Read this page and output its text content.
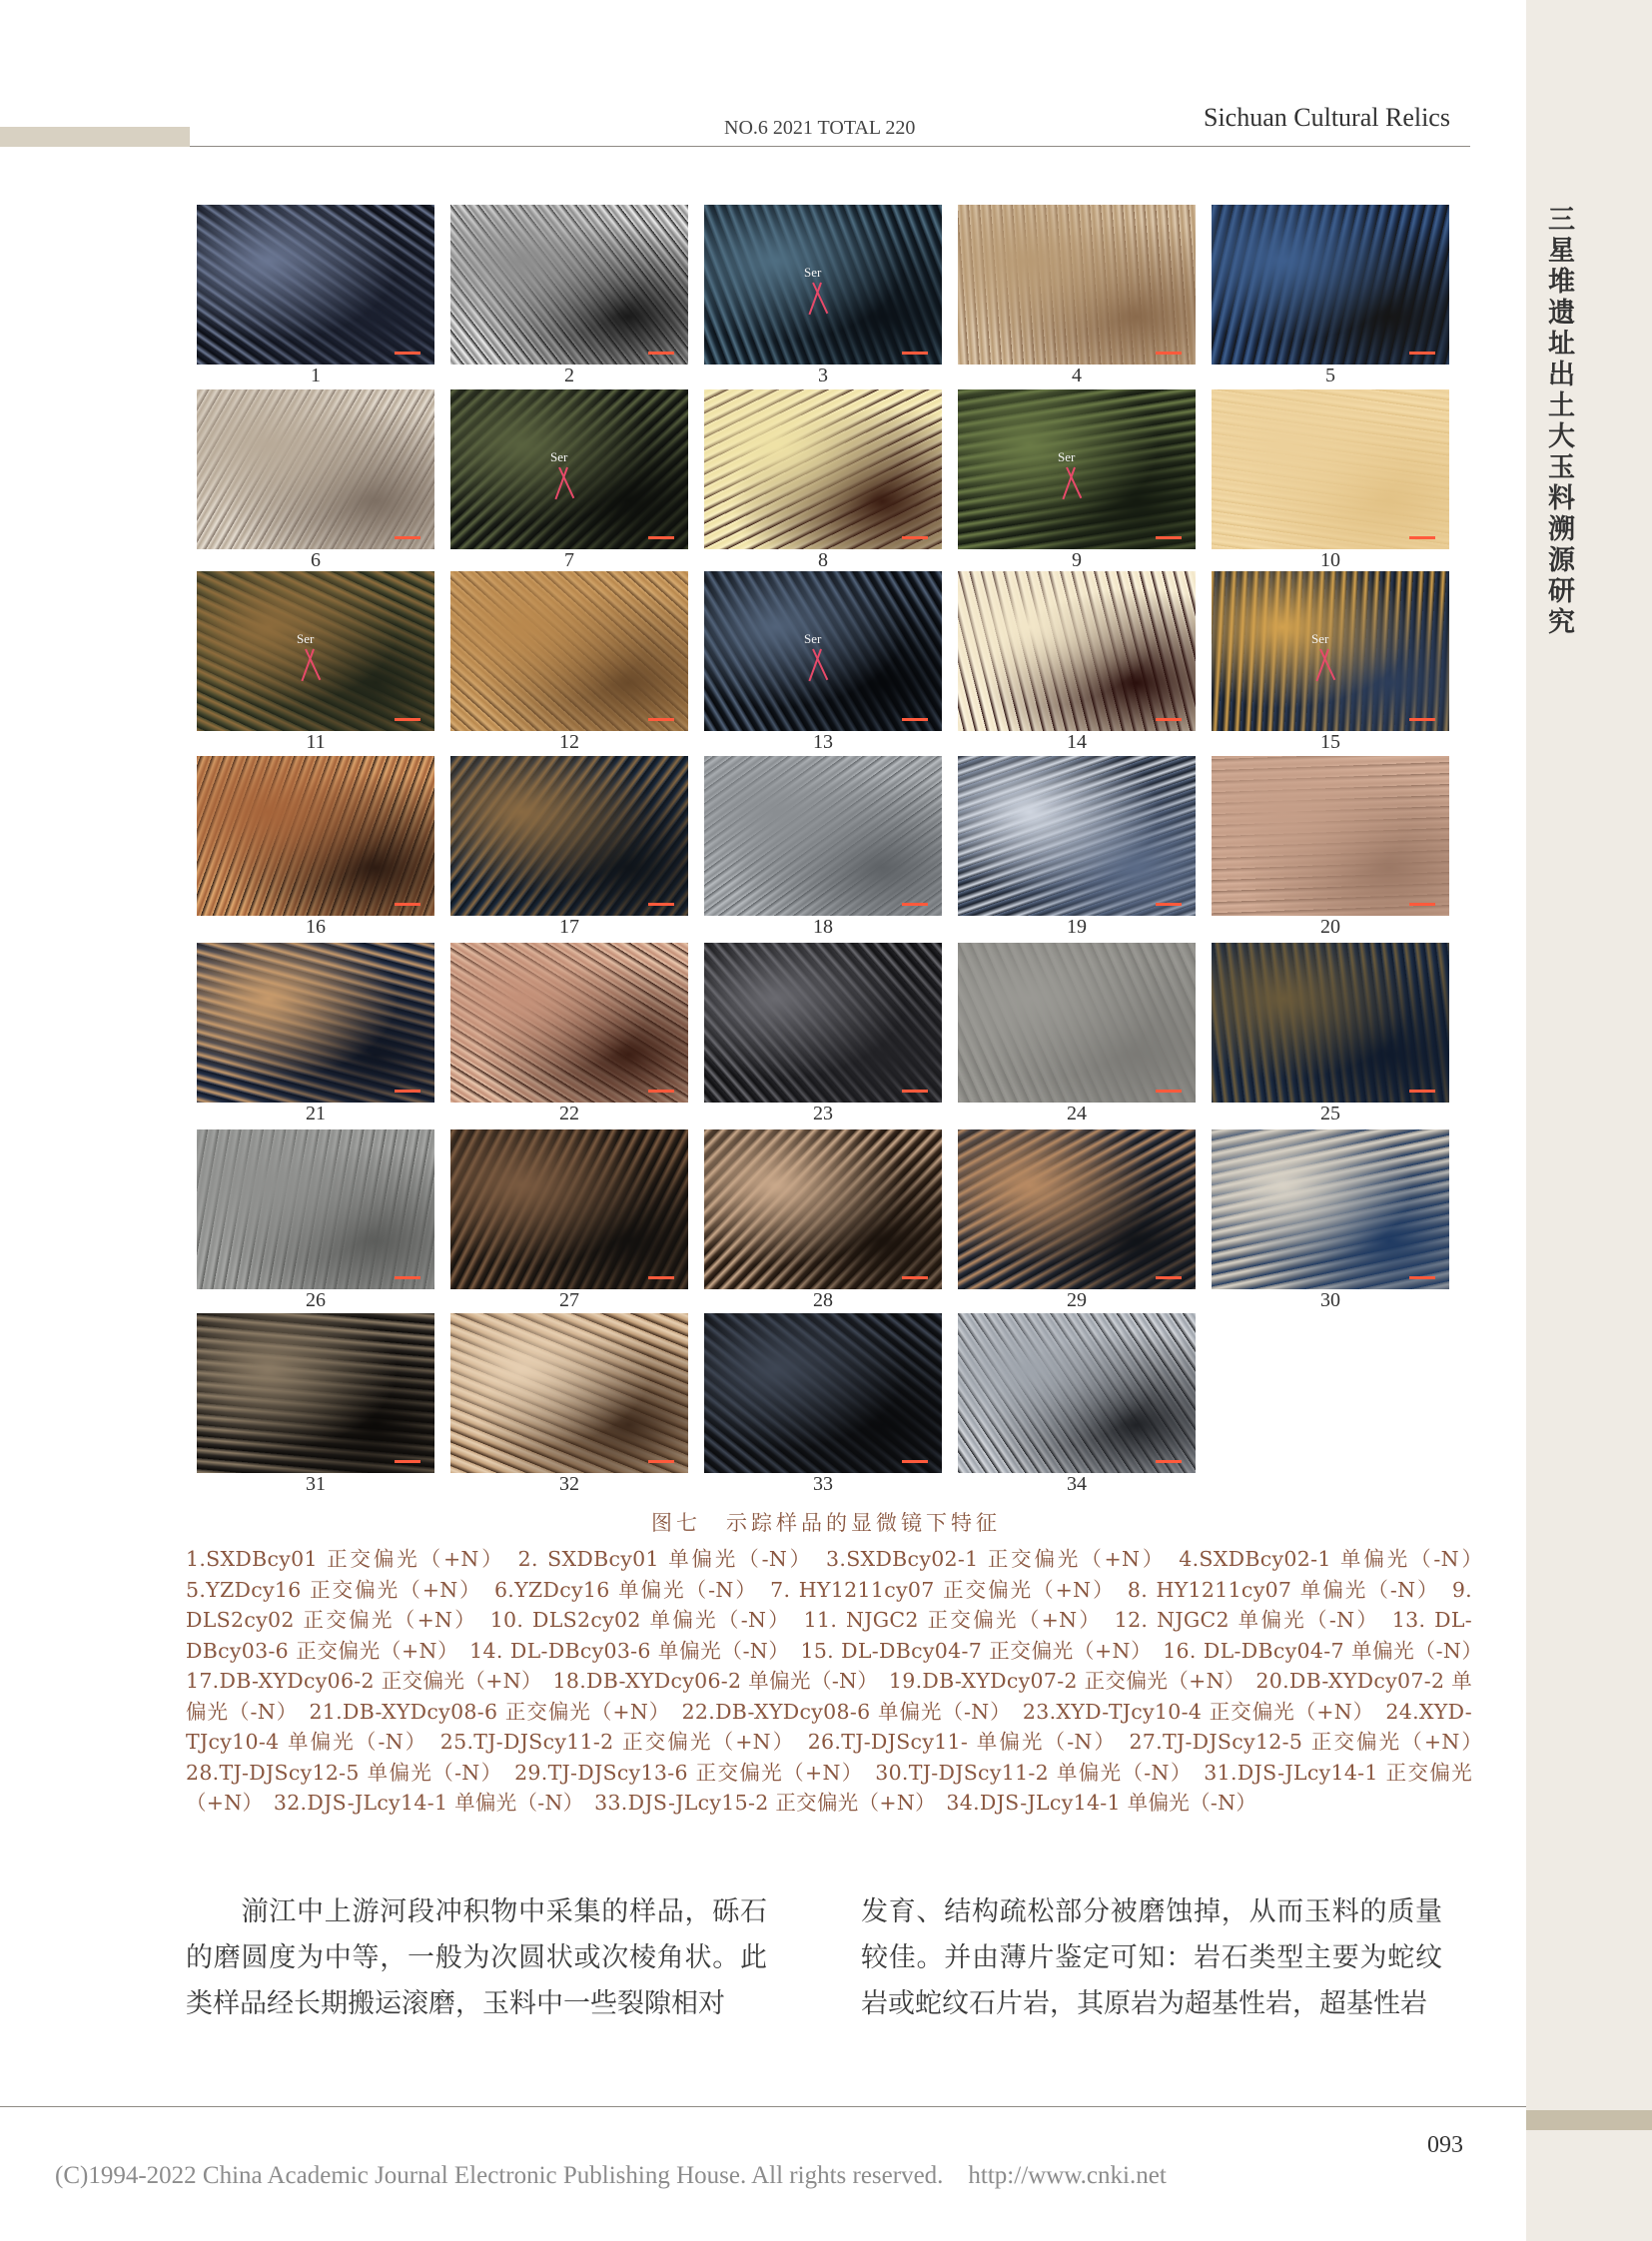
三星堆遗址出土大玉料溯源研究
NO.6 2021 TOTAL 220	Sichuan Cultural Relics
1	2
Ser
3	4	5
6
Ser
7	8
Ser
9	10
Ser
11	12
Ser
13	14
Ser
15
16	17	18	19	20
21	22	23	24	25
26	27	28	29	30
31	32	33	34
图七　示踪样品的显微镜下特征
1.SXDBcy01 正交偏光（+N）　2. SXDBcy01 单偏光（-N）　3.SXDBcy02-1 正交偏光（+N）　4.SXDBcy02-1 单偏光（-N）　5.YZDcy16 正交偏光（+N）　6.YZDcy16 单偏光（-N）　7. HY1211cy07 正交偏光（+N）　8. HY1211cy07 单偏光（-N）　9. DLS2cy02 正交偏光（+N）　10. DLS2cy02 单偏光（-N）　11. NJGC2 正交偏光（+N）　12. NJGC2 单偏光（-N）　13. DL-DBcy03-6 正交偏光（+N）　14. DL-DBcy03-6 单偏光（-N）　15. DL-DBcy04-7 正交偏光（+N）　16. DL-DBcy04-7 单偏光（-N）　17.DB-XYDcy06-2 正交偏光（+N）　18.DB-XYDcy06-2 单偏光（-N）　19.DB-XYDcy07-2 正交偏光（+N）　20.DB-XYDcy07-2 单偏光（-N）　21.DB-XYDcy08-6 正交偏光（+N）　22.DB-XYDcy08-6 单偏光（-N）　23.XYD-TJcy10-4 正交偏光（+N）　24.XYD-TJcy10-4 单偏光（-N）　25.TJ-DJScy11-2 正交偏光（+N）　26.TJ-DJScy11- 单偏光（-N）　27.TJ-DJScy12-5 正交偏光（+N）　28.TJ-DJScy12-5 单偏光（-N）　29.TJ-DJScy13-6 正交偏光（+N）　30.TJ-DJScy11-2 单偏光（-N）　31.DJS-JLcy14-1 正交偏光（+N）　32.DJS-JLcy14-1 单偏光（-N）　33.DJS-JLcy15-2 正交偏光（+N）　34.DJS-JLcy14-1 单偏光（-N）
　　湔江中上游河段冲积物中采集的样品，砾石的磨圆度为中等，一般为次圆状或次棱角状。此类样品经长期搬运滚磨，玉料中一些裂隙相对
发育、结构疏松部分被磨蚀掉，从而玉料的质量较佳。并由薄片鉴定可知：岩石类型主要为蛇纹岩或蛇纹石片岩，其原岩为超基性岩，超基性岩
093
(C)1994-2022 China Academic Journal Electronic Publishing House. All rights reserved.    http://www.cnki.net
